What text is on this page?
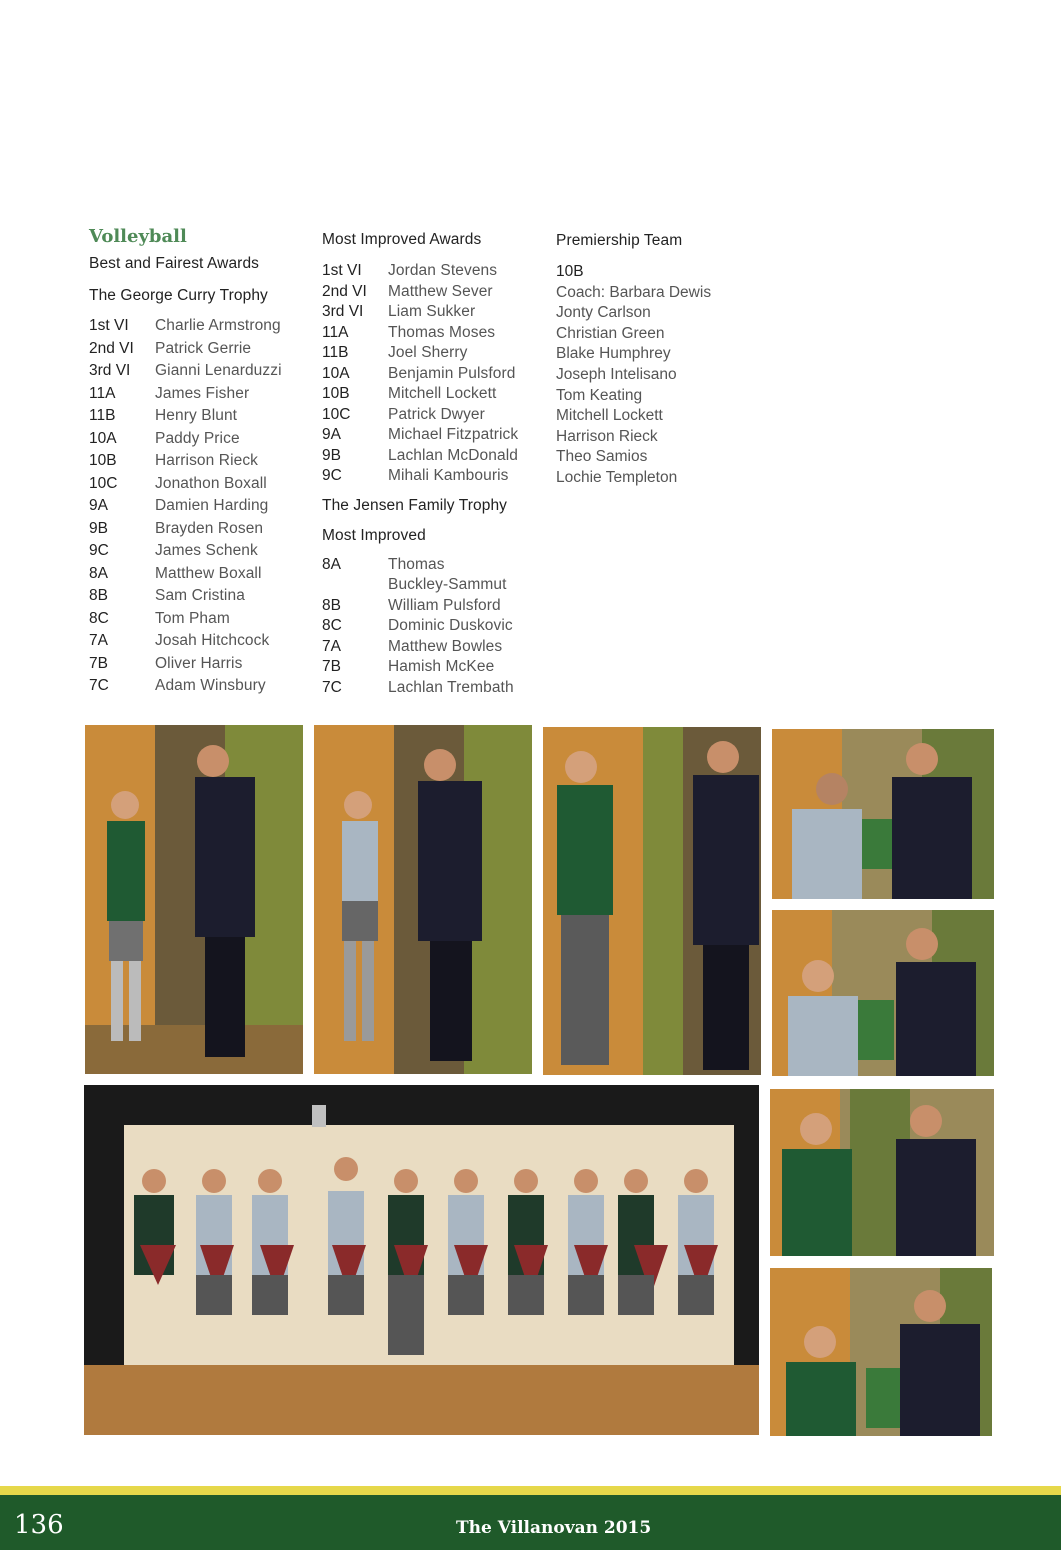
Volleyball
Best and Fairest Awards
The George Curry Trophy
1st VI	Charlie Armstrong
2nd VI	Patrick Gerrie
3rd VI	Gianni Lenarduzzi
11A	James Fisher
11B	Henry Blunt
10A	Paddy Price
10B	Harrison Rieck
10C	Jonathon Boxall
9A	Damien Harding
9B	Brayden Rosen
9C	James Schenk
8A	Matthew Boxall
8B	Sam Cristina
8C	Tom Pham
7A	Josah Hitchcock
7B	Oliver Harris
7C	Adam Winsbury
Most Improved Awards
1st VI	Jordan Stevens
2nd VI	Matthew Sever
3rd VI	Liam Sukker
11A	Thomas Moses
11B	Joel Sherry
10A	Benjamin Pulsford
10B	Mitchell Lockett
10C	Patrick Dwyer
9A	Michael Fitzpatrick
9B	Lachlan McDonald
9C	Mihali Kambouris
The Jensen Family Trophy
Most Improved
8A	Thomas
Buckley-Sammut
8B	William Pulsford
8C	Dominic Duskovic
7A	Matthew Bowles
7B	Hamish McKee
7C	Lachlan Trembath
Premiership Team
10B
Coach: Barbara Dewis
Jonty Carlson
Christian Green
Blake Humphrey
Joseph Intelisano
Tom Keating
Mitchell Lockett
Harrison Rieck
Theo Samios
Lochie Templeton
136	The Villanovan 2015
